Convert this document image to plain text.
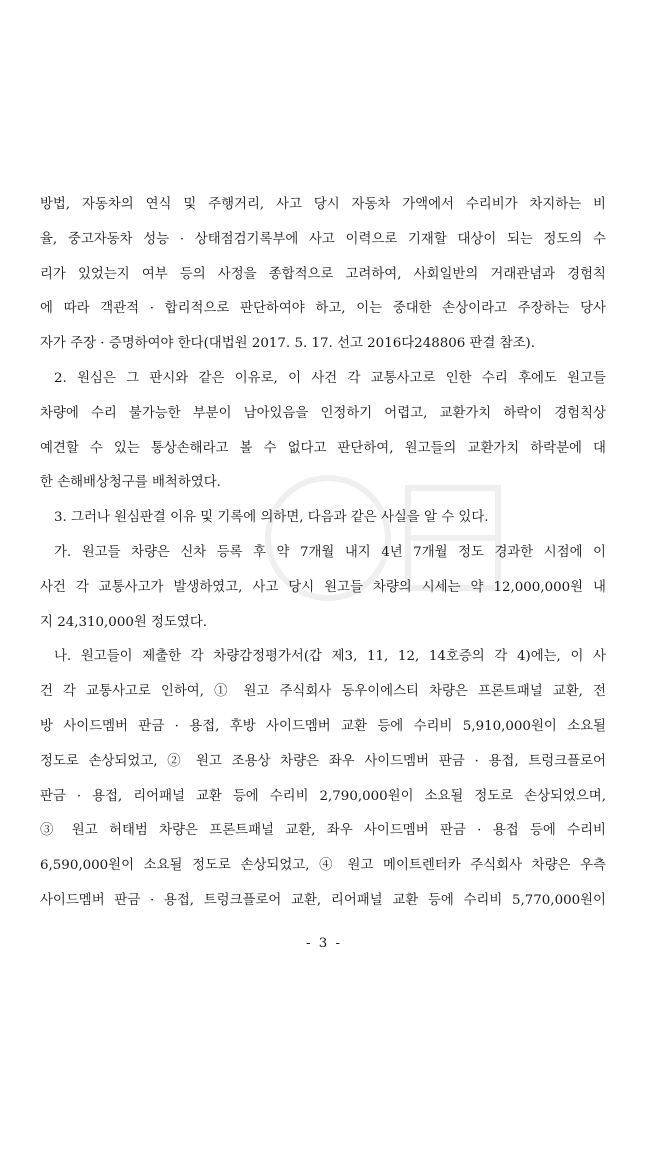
방법, 자동차의 연식 및 주행거리, 사고 당시 자동차 가액에서 수리비가 차지하는 비
율, 중고자동차 성능 · 상태점검기록부에 사고 이력으로 기재할 대상이 되는 정도의 수
리가 있었는지 여부 등의 사정을 종합적으로 고려하여, 사회일반의 거래관념과 경험칙
에 따라 객관적 · 합리적으로 판단하여야 하고, 이는 중대한 손상이라고 주장하는 당사
자가 주장 · 증명하여야 한다(대법원 2017. 5. 17. 선고 2016다248806 판결 참조).
2. 원심은 그 판시와 같은 이유로, 이 사건 각 교통사고로 인한 수리 후에도 원고들
차량에 수리 불가능한 부분이 남아있음을 인정하기 어렵고, 교환가치 하락이 경험칙상
예견할 수 있는 통상손해라고 볼 수 없다고 판단하여, 원고들의 교환가치 하락분에 대
한 손해배상청구를 배척하였다.
3. 그러나 원심판결 이유 및 기록에 의하면, 다음과 같은 사실을 알 수 있다.
가. 원고들 차량은 신차 등록 후 약 7개월 내지 4년 7개월 정도 경과한 시점에 이
사건 각 교통사고가 발생하였고, 사고 당시 원고들 차량의 시세는 약 12,000,000원 내
지 24,310,000원 정도였다.
나. 원고들이 제출한 각 차량감정평가서(갑 제3, 11, 12, 14호증의 각 4)에는, 이 사
건 각 교통사고로 인하여, ① 원고 주식회사 동우이에스티 차량은 프론트패널 교환, 전
방 사이드멤버 판금 · 용접, 후방 사이드멤버 교환 등에 수리비 5,910,000원이 소요될
정도로 손상되었고, ② 원고 조용상 차량은 좌우 사이드멤버 판금 · 용접, 트렁크플로어
판금 · 용접, 리어패널 교환 등에 수리비 2,790,000원이 소요될 정도로 손상되었으며,
③ 원고 허태범 차량은 프론트패널 교환, 좌우 사이드멤버 판금 · 용접 등에 수리비
6,590,000원이 소요될 정도로 손상되었고, ④ 원고 메이트렌터카 주식회사 차량은 우측
사이드멤버 판금 · 용접, 트렁크플로어 교환, 리어패널 교환 등에 수리비 5,770,000원이
- 3 -
